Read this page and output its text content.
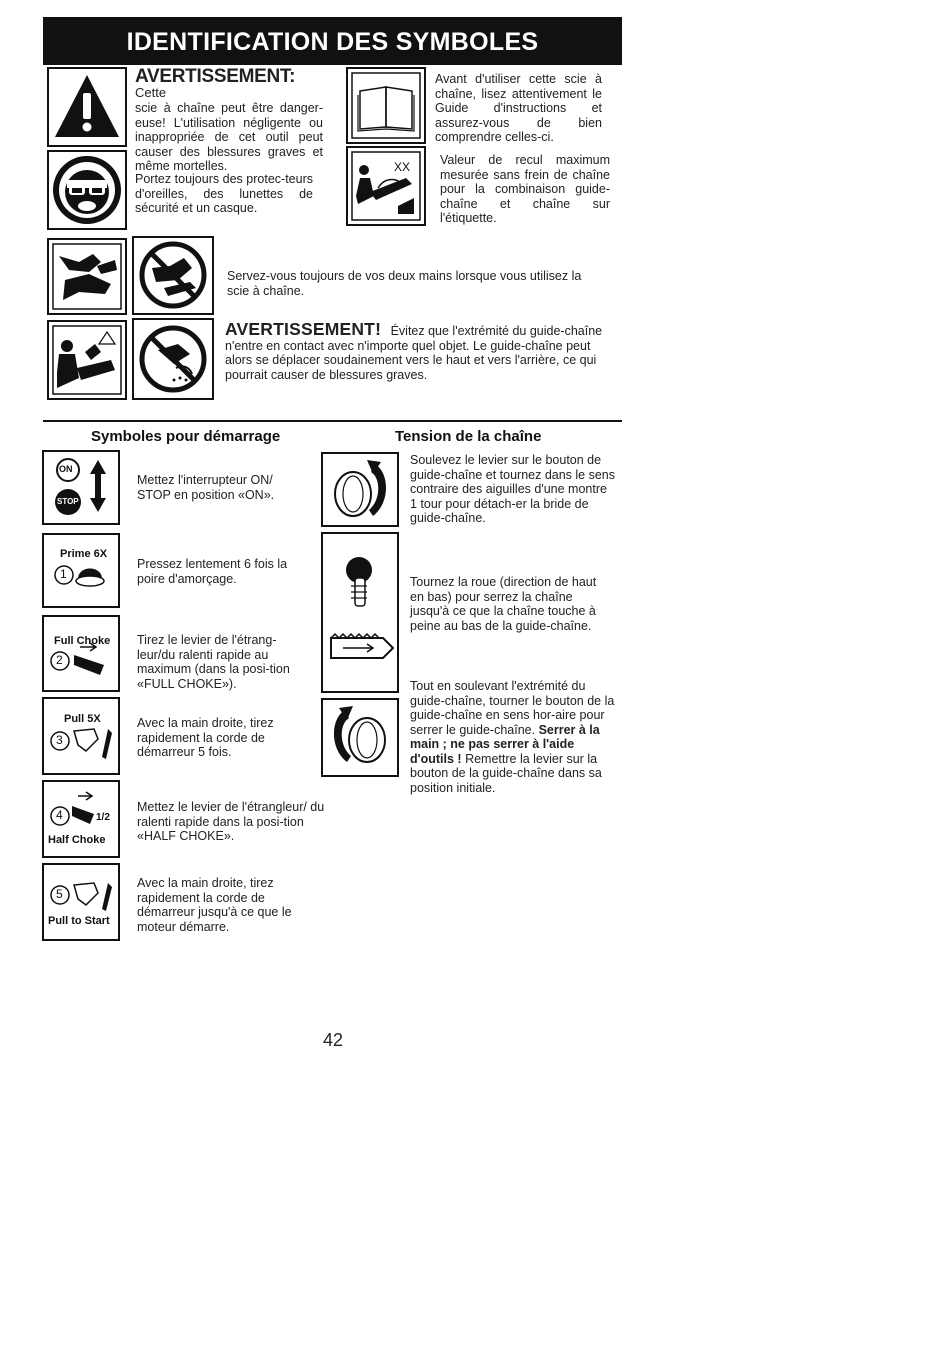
IDENTIFICATION DES SYMBOLES
AVERTISSEMENT: Cette
scie à chaîne peut être danger-euse! L'utilisation négligente ou inappropriée de cet outil peut causer des blessures graves et même mortelles.
Portez toujours des protec-teurs d'oreilles, des lunettes de sécurité et un casque.
Avant d'utiliser cette scie à chaîne, lisez attentivement le Guide d'instructions et assurez-vous de bien comprendre celles-ci.
XX Valeur de recul maximum mesurée sans frein de chaîne pour la combinaison guide-chaîne et chaîne sur l'étiquette.
Servez-vous toujours de vos deux mains lorsque vous utilisez la scie à chaîne.
AVERTISSEMENT! Évitez que l'extrémité du guide-chaîne n'entre en contact avec n'importe quel objet. Le guide-chaîne peut alors se déplacer soudainement vers le haut et vers l'arrière, ce qui pourrait causer de blessures graves.
Symboles pour démarrage	Tension de la chaîne
ON
STOP
Mettez l'interrupteur ON/ STOP en position «ON».
Prime 6X
1
Pressez lentement 6 fois la poire d'amorçage.
Full Choke
2
Tirez le levier de l'étrang-leur/du ralenti rapide au maximum (dans la posi-tion «FULL CHOKE»).
Pull 5X
3
Avec la main droite, tirez rapidement la corde de démarreur 5 fois.
4	1/2
Half Choke
Mettez le levier de l'étrangleur/ du ralenti rapide dans la posi-tion «HALF CHOKE».
5
Pull to Start
Avec la main droite, tirez rapidement la corde de démarreur jusqu'à ce que le moteur démarre.
Soulevez le levier sur le bouton de guide-chaîne et tournez dans le sens contraire des aiguilles d'une montre 1 tour pour détach-er la bride de guide-chaîne.
Tournez la roue (direction de haut en bas) pour serrez la chaîne jusqu'à ce que la chaîne touche à peine au bas de la guide-chaîne.
Tout en soulevant l'extrémité du guide-chaîne, tourner le bouton de la guide-chaîne en sens hor-aire pour serrer le guide-chaîne. Serrer à la main ; ne pas serrer à l'aide d'outils ! Remettre la levier sur la bouton de la guide-chaîne dans sa position initiale.
42
